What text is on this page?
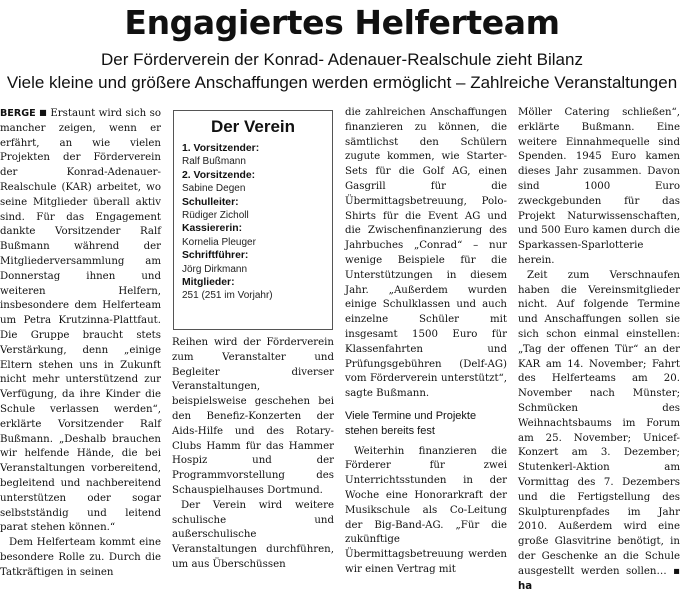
Engagiertes Helferteam
Der Förderverein der Konrad- Adenauer-Realschule zieht Bilanz
Viele kleine und größere Anschaffungen werden ermöglicht – Zahlreiche Veranstaltungen

BERGE ■ Erstaunt wird sich so mancher zeigen, wenn er erfährt, an wie vielen Projekten der Förderverein der Konrad-Adenauer-Realschule (KAR) arbeitet, wo seine Mitglieder überall aktiv sind. Für das Engagement dankte Vorsitzender Ralf Bußmann während der Mitgliederversammlung am Donnerstag ihnen und weiteren Helfern, insbesondere dem Helferteam um Petra Krutzinna-Plattfaut. Die Gruppe braucht stets Verstärkung, denn „einige Eltern stehen uns in Zukunft nicht mehr unterstützend zur Verfügung, da ihre Kinder die Schule verlassen werden“, erklärte Vorsitzender Ralf Bußmann. „Deshalb brauchen wir helfende Hände, die bei Veranstaltungen vorbereitend, begleitend und nachbereitend unterstützen oder sogar selbstständig und leitend parat stehen können.“

Dem Helferteam kommt eine besondere Rolle zu. Durch die Tatkräftigen in seinen

Der Verein
1. Vorsitzender:
Ralf Bußmann
2. Vorsitzende:
Sabine Degen
Schulleiter:
Rüdiger Zicholl
Kassiererin:
Kornelia Pleuger
Schriftführer:
Jörg Dirkmann
Mitglieder:
251 (251 im Vorjahr)

Reihen wird der Förderverein zum Veranstalter und Begleiter diverser Veranstaltungen, beispielsweise geschehen bei den Benefiz-Konzerten der Aids-Hilfe und des Rotary-Clubs Hamm für das Hammer Hospiz und der Programmvorstellung des Schauspielhauses Dortmund.

Der Verein wird weitere schulische und außerschulische Veranstaltungen durchführen, um aus Überschüssen

die zahlreichen Anschaffungen finanzieren zu können, die sämtlichst den Schülern zugute kommen, wie Starter-Sets für die Golf AG, einen Gasgrill für die Übermittagsbetreuung, Polo-Shirts für die Event AG und die Zwischenfinanzierung des Jahrbuches „Conrad“ – nur wenige Beispiele für die Unterstützungen in diesem Jahr. „Außerdem wurden einige Schulklassen und auch einzelne Schüler mit insgesamt 1500 Euro für Klassenfahrten und Prüfungsgebühren (Delf-AG) vom Förderverein unterstützt“, sagte Bußmann.

Viele Termine und Projekte stehen bereits fest

Weiterhin finanzieren die Förderer für zwei Unterrichtsstunden in der Woche eine Honorarkraft der Musikschule als Co-Leitung der Big-Band-AG. „Für die zukünftige Übermittagsbetreuung werden wir einen Vertrag mit

Möller Catering schließen“, erklärte Bußmann. Eine weitere Einnahmequelle sind Spenden. 1945 Euro kamen dieses Jahr zusammen. Davon sind 1000 Euro zweckgebunden für das Projekt Naturwissenschaften, und 500 Euro kamen durch die Sparkassen-Sparlotterie herein.

Zeit zum Verschnaufen haben die Vereinsmitglieder nicht. Auf folgende Termine und Anschaffungen sollen sie sich schon einmal einstellen: „Tag der offenen Tür“ an der KAR am 14. November; Fahrt des Helferteams am 20. November nach Münster; Schmücken des Weihnachtsbaums im Forum am 25. November; Unicef-Konzert am 3. Dezember; Stutenkerl-Aktion am Vormittag des 7. Dezembers und die Fertigstellung des Skulpturenpfades im Jahr 2010. Außerdem wird eine große Glasvitrine benötigt, in der Geschenke an die Schule ausgestellt werden sollen… ▪ ha
